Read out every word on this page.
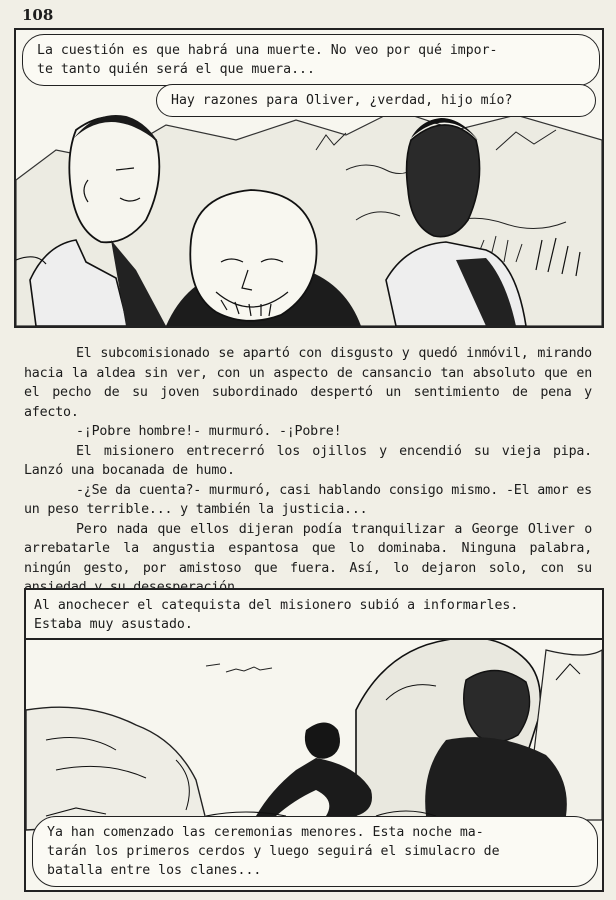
108
La cuestión es que habrá una muerte. No veo por qué impor-
te tanto quién será el que muera...
Hay razones para Oliver, ¿verdad, hijo mío?

El subcomisionado se apartó con disgusto y quedó inmóvil, mirando hacia la aldea sin ver, con un aspecto de cansancio tan absoluto que en el pecho de su joven subordinado despertó un sentimiento de pena y afecto.

-¡Pobre hombre!- murmuró. -¡Pobre!

El misionero entrecerró los ojillos y encendió su vieja pipa. Lanzó una bocanada de humo.

-¿Se da cuenta?- murmuró, casi hablando consigo mismo. -El amor es un peso terrible... y también la justicia...

Pero nada que ellos dijeran podía tranquilizar a George Oliver o arrebatarle la angustia espantosa que lo dominaba. Ninguna palabra, ningún gesto, por amistoso que fuera. Así, lo dejaron solo, con su

Al anochecer el catequista del misionero subió a informarles.
Estaba muy asustado.
Ya han comenzado las ceremonias menores. Esta noche ma-
tarán los primeros cerdos y luego seguirá el simulacro de
batalla entre los clanes...
